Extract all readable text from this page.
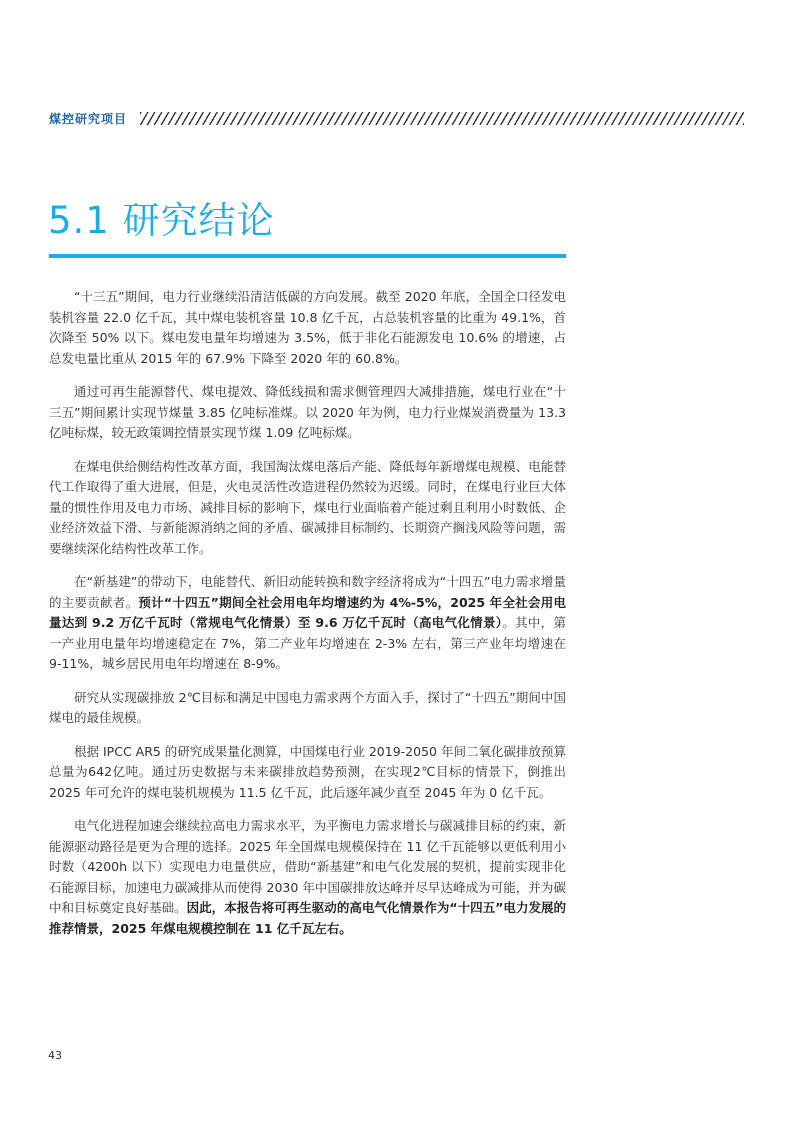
煤控研究项目
5.1 研究结论

“十三五”期间，电力行业继续沿清洁低碳的方向发展。截至 2020 年底，全国全口径发电装机容量 22.0 亿千瓦，其中煤电装机容量 10.8 亿千瓦，占总装机容量的比重为 49.1%，首次降至 50% 以下。煤电发电量年均增速为 3.5%，低于非化石能源发电 10.6% 的增速，占总发电量比重从 2015 年的 67.9% 下降至 2020 年的 60.8%。

通过可再生能源替代、煤电提效、降低线损和需求侧管理四大减排措施，煤电行业在“十三五”期间累计实现节煤量 3.85 亿吨标准煤。以 2020 年为例，电力行业煤炭消费量为 13.3 亿吨标煤，较无政策调控情景实现节煤 1.09 亿吨标煤。

在煤电供给侧结构性改革方面，我国淘汰煤电落后产能、降低每年新增煤电规模、电能替代工作取得了重大进展，但是，火电灵活性改造进程仍然较为迟缓。同时，在煤电行业巨大体量的惯性作用及电力市场、减排目标的影响下，煤电行业面临着产能过剩且利用小时数低、企业经济效益下滑、与新能源消纳之间的矛盾、碳减排目标制约、长期资产搁浅风险等问题，需要继续深化结构性改革工作。

在“新基建”的带动下，电能替代、新旧动能转换和数字经济将成为“十四五”电力需求增量的主要贡献者。预计“十四五”期间全社会用电年均增速约为 4%-5%，2025 年全社会用电量达到 9.2 万亿千瓦时（常规电气化情景）至 9.6 万亿千瓦时（高电气化情景）。其中，第一产业用电量年均增速稳定在 7%，第二产业年均增速在 2-3% 左右，第三产业年均增速在 9-11%，城乡居民用电年均增速在 8-9%。

研究从实现碳排放 2℃目标和满足中国电力需求两个方面入手，探讨了“十四五”期间中国煤电的最佳规模。

根据 IPCC AR5 的研究成果量化测算，中国煤电行业 2019-2050 年间二氧化碳排放预算总量为642亿吨。通过历史数据与未来碳排放趋势预测，在实现2℃目标的情景下，倒推出 2025 年可允许的煤电装机规模为 11.5 亿千瓦，此后逐年减少直至 2045 年为 0 亿千瓦。

电气化进程加速会继续拉高电力需求水平，为平衡电力需求增长与碳减排目标的约束，新能源驱动路径是更为合理的选择。2025 年全国煤电规模保持在 11 亿千瓦能够以更低利用小时数（4200h 以下）实现电力电量供应，借助“新基建”和电气化发展的契机，提前实现非化石能源目标，加速电力碳减排从而使得 2030 年中国碳排放达峰并尽早达峰成为可能，并为碳中和目标奠定良好基础。因此，本报告将可再生驱动的高电气化情景作为“十四五”电力发展的推荐情景，2025 年煤电规模控制在 11 亿千瓦左右。

43
